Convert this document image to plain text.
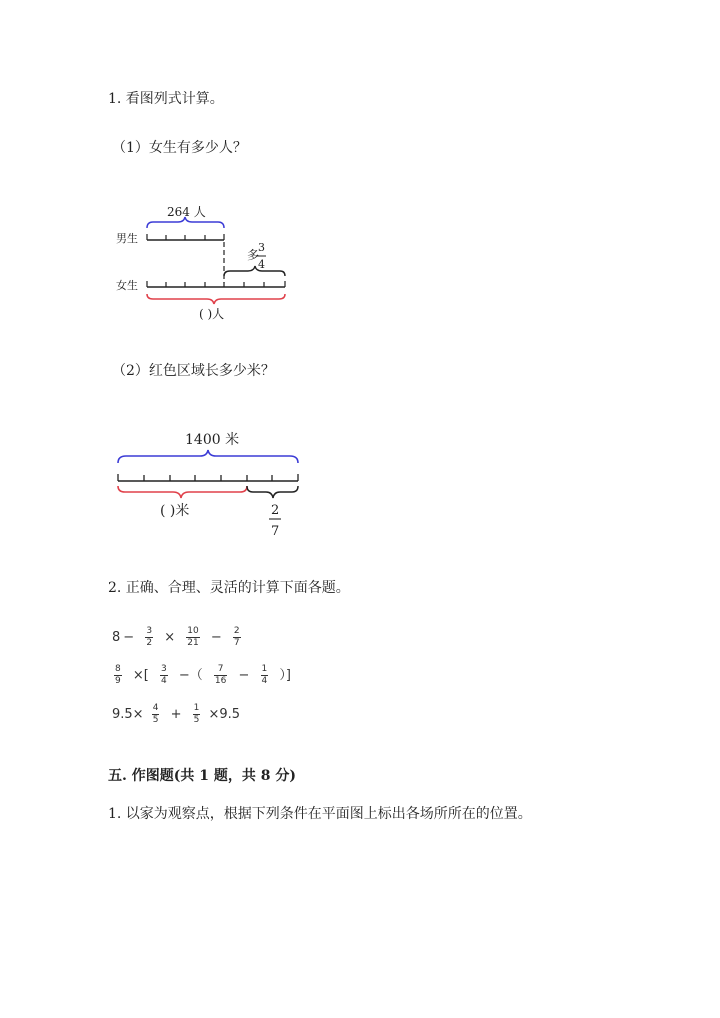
1. 看图列式计算。
（1）女生有多少人？
264 人
男生
多
3
4
女生
( )人
（2）红色区域长多少米？
1400 米
( )米	2
7
2. 正确、合理、灵活的计算下面各题。
$8 - \frac{3}{2} \times \frac{10}{21} - \frac{2}{7}$
$\frac{8}{9}$ ×[ $\frac{3}{4}$ −（ $\frac{7}{16} - \frac{1}{4}$ ）]
$9.5\times \frac{4}{5} + \frac{1}{5} \times 9.5$
五. 作图题(共 1 题，共 8 分)
1. 以家为观察点，根据下列条件在平面图上标出各场所所在的位置。
